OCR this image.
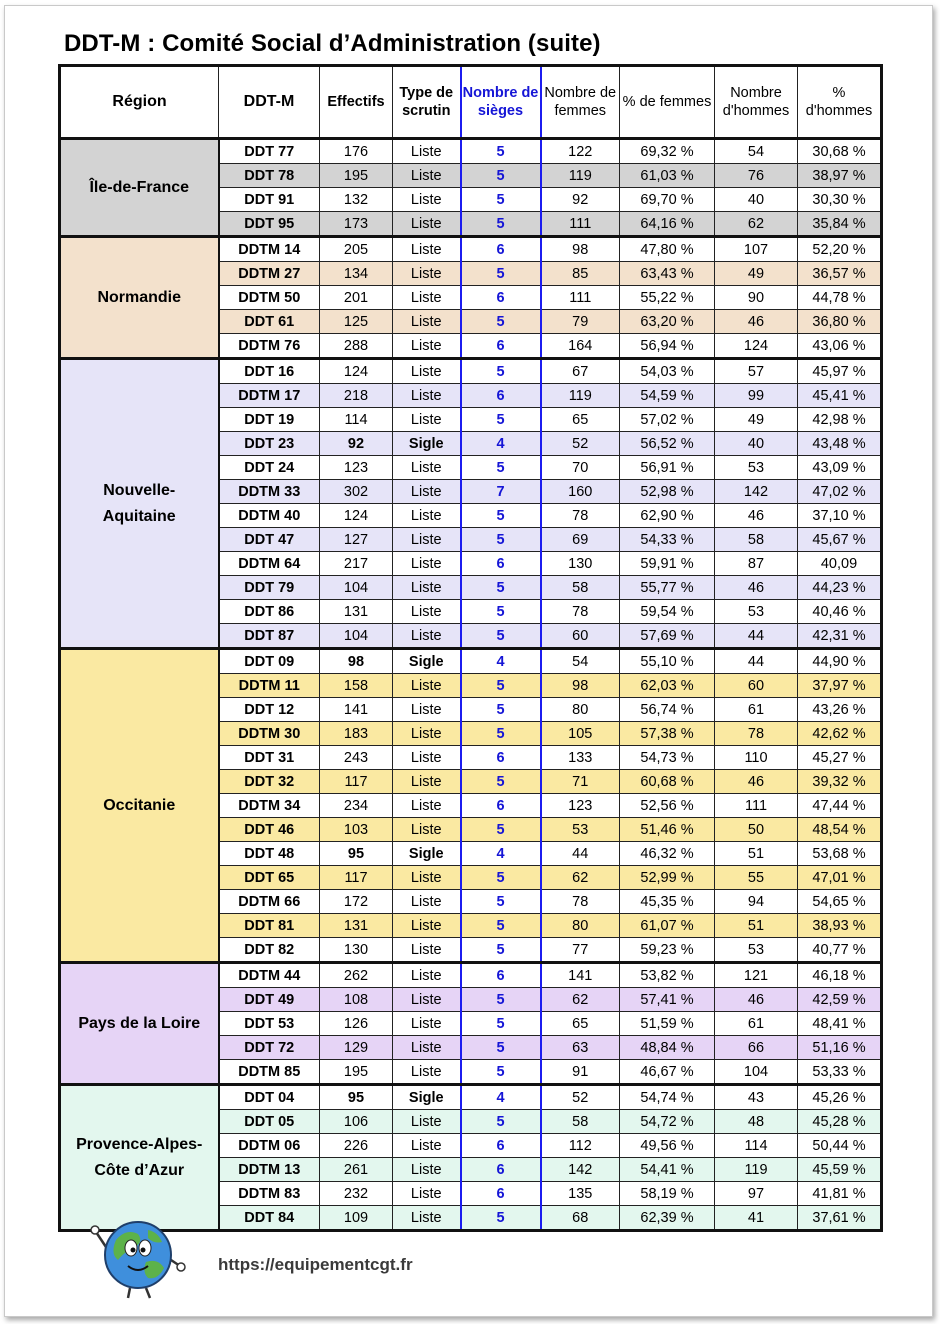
DDT-M : Comité Social d’Administration (suite)
Région	DDT-M	Effectifs	Type de scrutin	Nombre de sièges	Nombre de femmes	% de femmes	Nombre d'hommes	% d'hommes
Île-de-France	DDT 77	176	Liste	5	122	69,32 %	54	30,68 %
	DDT 78	195	Liste	5	119	61,03 %	76	38,97 %
	DDT 91	132	Liste	5	92	69,70 %	40	30,30 %
	DDT 95	173	Liste	5	111	64,16 %	62	35,84 %
Normandie	DDTM 14	205	Liste	6	98	47,80 %	107	52,20 %
	DDTM 27	134	Liste	5	85	63,43 %	49	36,57 %
	DDTM 50	201	Liste	6	111	55,22 %	90	44,78 %
	DDT 61	125	Liste	5	79	63,20 %	46	36,80 %
	DDTM 76	288	Liste	6	164	56,94 %	124	43,06 %
Nouvelle-Aquitaine	DDT 16	124	Liste	5	67	54,03 %	57	45,97 %
	DDTM 17	218	Liste	6	119	54,59 %	99	45,41 %
	DDT 19	114	Liste	5	65	57,02 %	49	42,98 %
	DDT 23	92	Sigle	4	52	56,52 %	40	43,48 %
	DDT 24	123	Liste	5	70	56,91 %	53	43,09 %
	DDTM 33	302	Liste	7	160	52,98 %	142	47,02 %
	DDTM 40	124	Liste	5	78	62,90 %	46	37,10 %
	DDT 47	127	Liste	5	69	54,33 %	58	45,67 %
	DDTM 64	217	Liste	6	130	59,91 %	87	40,09
	DDT 79	104	Liste	5	58	55,77 %	46	44,23 %
	DDT 86	131	Liste	5	78	59,54 %	53	40,46 %
	DDT 87	104	Liste	5	60	57,69 %	44	42,31 %
Occitanie	DDT 09	98	Sigle	4	54	55,10 %	44	44,90 %
	DDTM 11	158	Liste	5	98	62,03 %	60	37,97 %
	DDT 12	141	Liste	5	80	56,74 %	61	43,26 %
	DDTM 30	183	Liste	5	105	57,38 %	78	42,62 %
	DDT 31	243	Liste	6	133	54,73 %	110	45,27 %
	DDT 32	117	Liste	5	71	60,68 %	46	39,32 %
	DDTM 34	234	Liste	6	123	52,56 %	111	47,44 %
	DDT 46	103	Liste	5	53	51,46 %	50	48,54 %
	DDT 48	95	Sigle	4	44	46,32 %	51	53,68 %
	DDT 65	117	Liste	5	62	52,99 %	55	47,01 %
	DDTM 66	172	Liste	5	78	45,35 %	94	54,65 %
	DDT 81	131	Liste	5	80	61,07 %	51	38,93 %
	DDT 82	130	Liste	5	77	59,23 %	53	40,77 %
Pays de la Loire	DDTM 44	262	Liste	6	141	53,82 %	121	46,18 %
	DDT 49	108	Liste	5	62	57,41 %	46	42,59 %
	DDT 53	126	Liste	5	65	51,59 %	61	48,41 %
	DDT 72	129	Liste	5	63	48,84 %	66	51,16 %
	DDTM 85	195	Liste	5	91	46,67 %	104	53,33 %
Provence-Alpes-Côte d’Azur	DDT 04	95	Sigle	4	52	54,74 %	43	45,26 %
	DDT 05	106	Liste	5	58	54,72 %	48	45,28 %
	DDTM 06	226	Liste	6	112	49,56 %	114	50,44 %
	DDTM 13	261	Liste	6	142	54,41 %	119	45,59 %
	DDTM 83	232	Liste	6	135	58,19 %	97	41,81 %
	DDT 84	109	Liste	5	68	62,39 %	41	37,61 %
https://equipementcgt.fr
